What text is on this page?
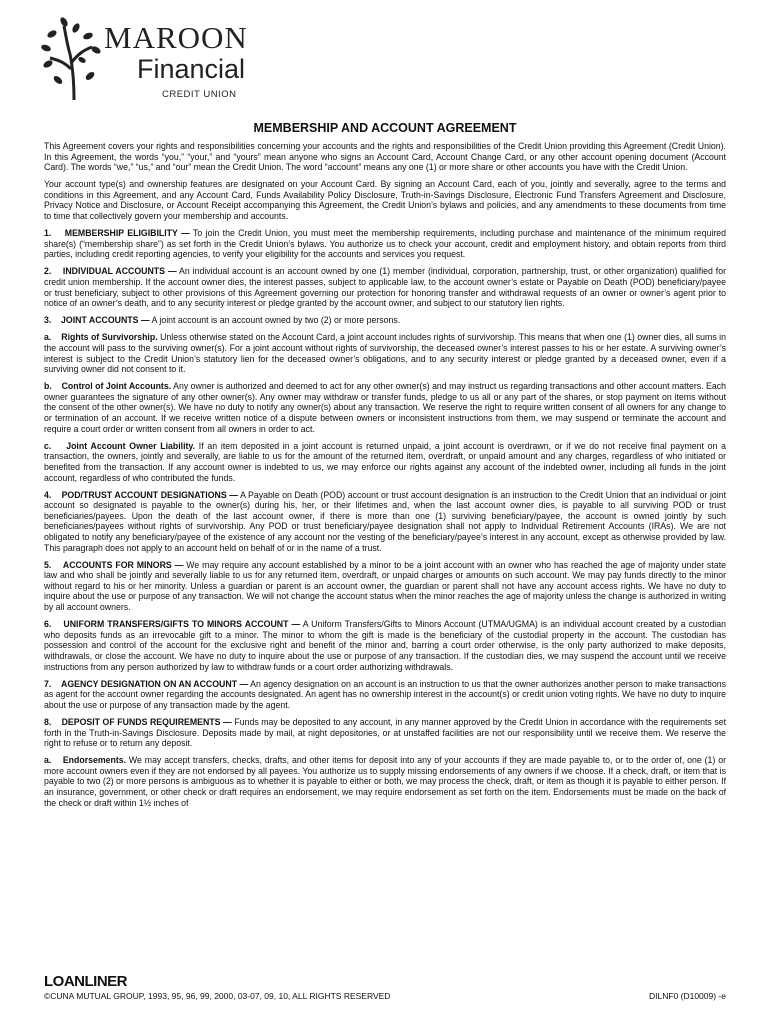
MAROON
Financial
CREDIT UNION
MEMBERSHIP AND ACCOUNT AGREEMENT

This Agreement covers your rights and responsibilities concerning your accounts and the rights and responsibilities of the Credit Union providing this Agreement (Credit Union). In this Agreement, the words “you,” “your,” and “yours” mean anyone who signs an Account Card, Account Change Card, or any other account opening document (Account Card). The words “we,” “us,” and “our” mean the Credit Union. The word “account” means any one (1) or more share or other accounts you have with the Credit Union.

Your account type(s) and ownership features are designated on your Account Card. By signing an Account Card, each of you, jointly and severally, agree to the terms and conditions in this Agreement, and any Account Card, Funds Availability Policy Disclosure, Truth-in-Savings Disclosure, Electronic Fund Transfers Agreement and Disclosure, Privacy Notice and Disclosure, or Account Receipt accompanying this Agreement, the Credit Union’s bylaws and policies, and any amendments to these documents from time to time that collectively govern your membership and accounts.

1.    MEMBERSHIP ELIGIBILITY — To join the Credit Union, you must meet the membership requirements, including purchase and maintenance of the minimum required share(s) (“membership share”) as set forth in the Credit Union’s bylaws. You authorize us to check your account, credit and employment history, and obtain reports from third parties, including credit reporting agencies, to verify your eligibility for the accounts and services you request.

2.    INDIVIDUAL ACCOUNTS — An individual account is an account owned by one (1) member (individual, corporation, partnership, trust, or other organization) qualified for credit union membership. If the account owner dies, the interest passes, subject to applicable law, to the account owner’s estate or Payable on Death (POD) beneficiary/payee or trust beneficiary, subject to other provisions of this Agreement governing our protection for honoring transfer and withdrawal requests of an owner or owner’s agent prior to notice of an owner’s death, and to any security interest or pledge granted by the account owner, and subject to our statutory lien rights.

3.    JOINT ACCOUNTS — A joint account is an account owned by two (2) or more persons.

a.    Rights of Survivorship. Unless otherwise stated on the Account Card, a joint account includes rights of survivorship. This means that when one (1) owner dies, all sums in the account will pass to the surviving owner(s). For a joint account without rights of survivorship, the deceased owner’s interest passes to his or her estate. A surviving owner’s interest is subject to the Credit Union’s statutory lien for the deceased owner’s obligations, and to any security interest or pledge granted by a deceased owner, even if a surviving owner did not consent to it.

b.    Control of Joint Accounts. Any owner is authorized and deemed to act for any other owner(s) and may instruct us regarding transactions and other account matters. Each owner guarantees the signature of any other owner(s). Any owner may withdraw or transfer funds, pledge to us all or any part of the shares, or stop payment on items without the consent of the other owner(s). We have no duty to notify any owner(s) about any transaction. We reserve the right to require written consent of all owners for any change to or termination of an account. If we receive written notice of a dispute between owners or inconsistent instructions from them, we may suspend or terminate the account and require a court order or written consent from all owners in order to act.

c.    Joint Account Owner Liability. If an item deposited in a joint account is returned unpaid, a joint account is overdrawn, or if we do not receive final payment on a transaction, the owners, jointly and severally, are liable to us for the amount of the returned item, overdraft, or unpaid amount and any charges, regardless of who initiated or benefited from the transaction. If any account owner is indebted to us, we may enforce our rights against any account of the indebted owner, including all funds in the joint account, regardless of who contributed the funds.

4.    POD/TRUST ACCOUNT DESIGNATIONS — A Payable on Death (POD) account or trust account designation is an instruction to the Credit Union that an individual or joint account so designated is payable to the owner(s) during his, her, or their lifetimes and, when the last account owner dies, is payable to all surviving POD or trust beneficiaries/payees. Upon the death of the last account owner, if there is more than one (1) surviving beneficiary/payee, the account is owned jointly by such beneficiaries/payees without rights of survivorship. Any POD or trust beneficiary/payee designation shall not apply to Individual Retirement Accounts (IRAs). We are not obligated to notify any beneficiary/payee of the existence of any account nor the vesting of the beneficiary/payee’s interest in any account, except as otherwise provided by law. This paragraph does not apply to an account held on behalf of or in the name of a trust.

5.    ACCOUNTS FOR MINORS — We may require any account established by a minor to be a joint account with an owner who has reached the age of majority under state law and who shall be jointly and severally liable to us for any returned item, overdraft, or unpaid charges or amounts on such account. We may pay funds directly to the minor without regard to his or her minority. Unless a guardian or parent is an account owner, the guardian or parent shall not have any account access rights. We have no duty to inquire about the use or purpose of any transaction. We will not change the account status when the minor reaches the age of majority unless the change is authorized in writing by all account owners.

6.    UNIFORM TRANSFERS/GIFTS TO MINORS ACCOUNT — A Uniform Transfers/Gifts to Minors Account (UTMA/UGMA) is an individual account created by a custodian who deposits funds as an irrevocable gift to a minor. The minor to whom the gift is made is the beneficiary of the custodial property in the account. The custodian has possession and control of the account for the exclusive right and benefit of the minor and, barring a court order otherwise, is the only party authorized to make deposits, withdrawals, or close the account. We have no duty to inquire about the use or purpose of any transaction. If the custodian dies, we may suspend the account until we receive instructions from any person authorized by law to withdraw funds or a court order authorizing withdrawals.

7.    AGENCY DESIGNATION ON AN ACCOUNT — An agency designation on an account is an instruction to us that the owner authorizes another person to make transactions as agent for the account owner regarding the accounts designated. An agent has no ownership interest in the account(s) or credit union voting rights. We have no duty to inquire about the use or purpose of any transaction made by the agent.

8.    DEPOSIT OF FUNDS REQUIREMENTS — Funds may be deposited to any account, in any manner approved by the Credit Union in accordance with the requirements set forth in the Truth-in-Savings Disclosure. Deposits made by mail, at night depositories, or at unstaffed facilities are not our responsibility until we receive them. We reserve the right to refuse or to return any deposit.

a.    Endorsements. We may accept transfers, checks, drafts, and other items for deposit into any of your accounts if they are made payable to, or to the order of, one (1) or more account owners even if they are not endorsed by all payees. You authorize us to supply missing endorsements of any owners if we choose. If a check, draft, or item that is payable to two (2) or more persons is ambiguous as to whether it is payable to either or both, we may process the check, draft, or item as though it is payable to either person. If an insurance, government, or other check or draft requires an endorsement, we may require endorsement as set forth on the item. Endorsements must be made on the back of the check or draft within 1½ inches of

LOANLINER
©CUNA MUTUAL GROUP, 1993, 95, 96, 99, 2000, 03-07, 09, 10, ALL RIGHTS RESERVED	DILNF0 (D10009) -e
